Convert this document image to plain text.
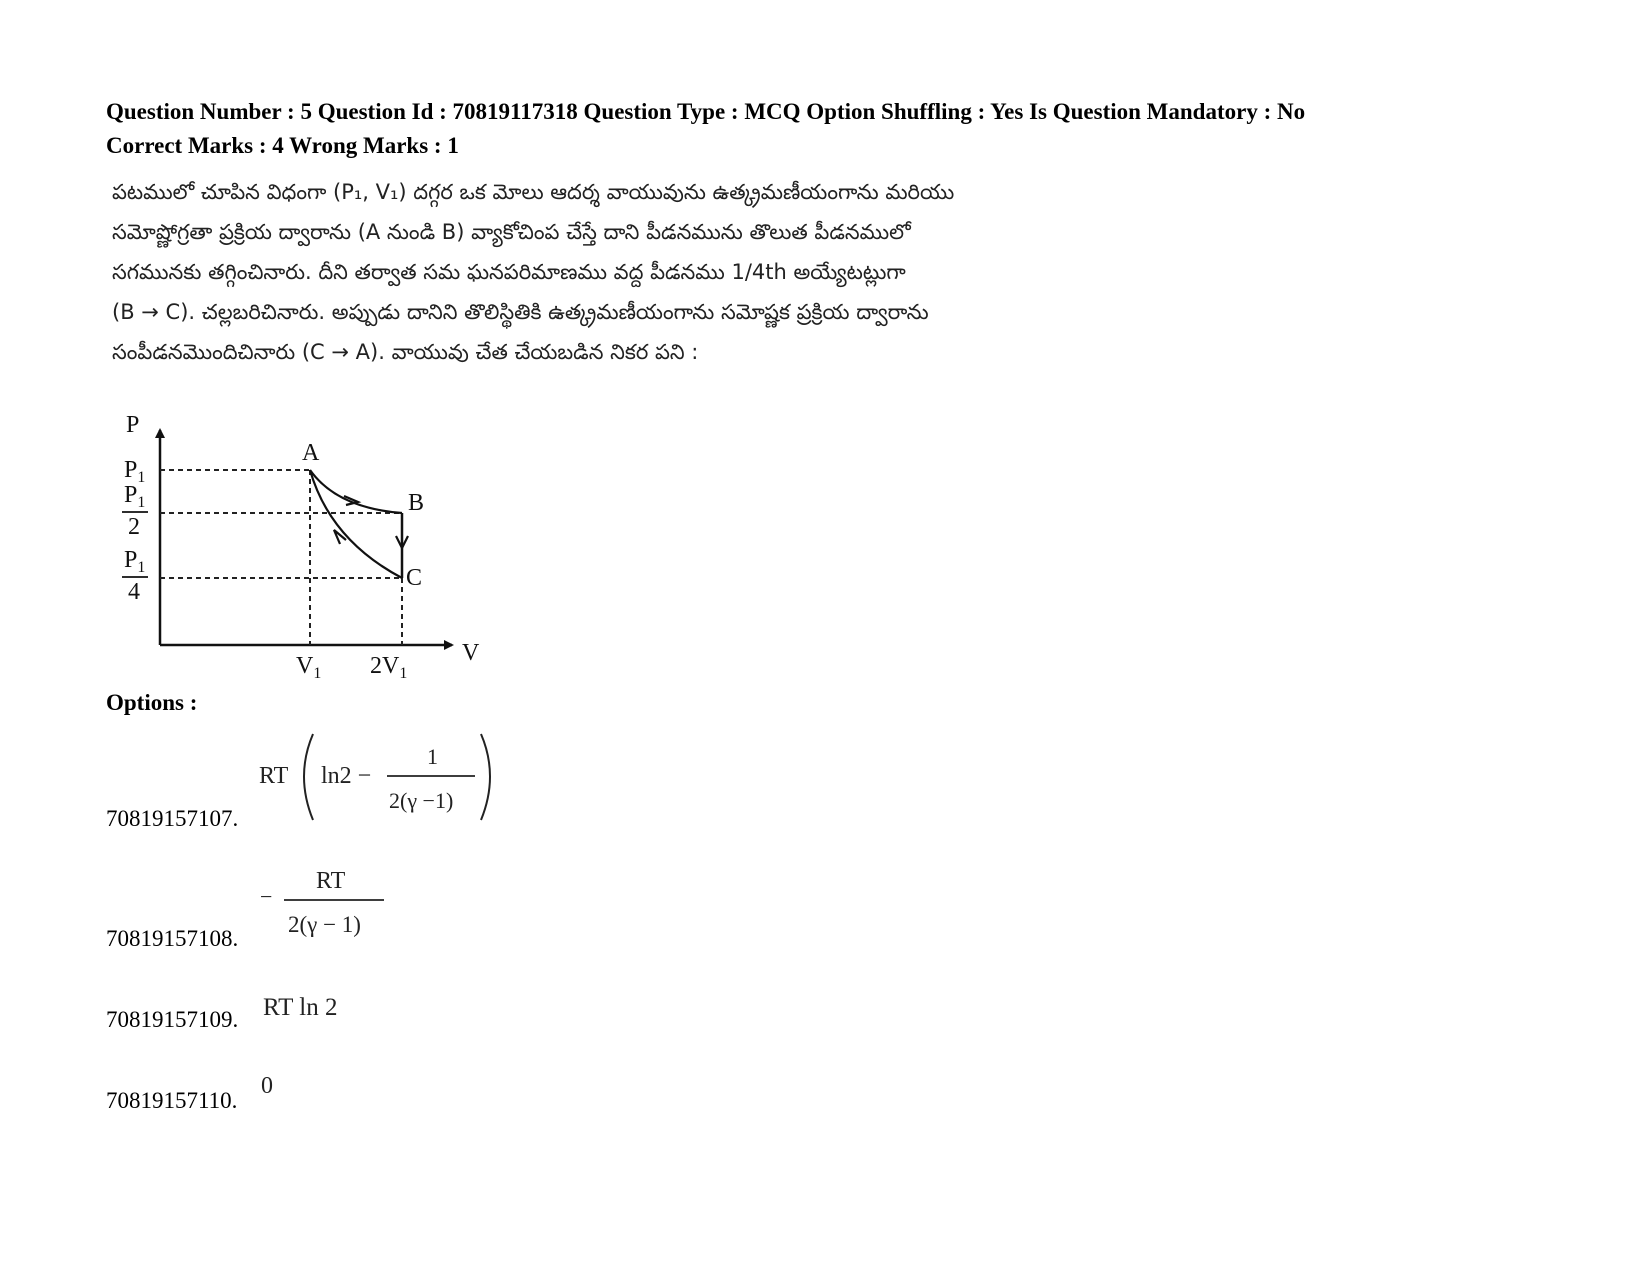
Question Number : 5 Question Id : 70819117318 Question Type : MCQ Option Shuffling : Yes Is Question Mandatory : No
Correct Marks : 4 Wrong Marks : 1
పటములో చూపిన విధంగా (P₁, V₁) దగ్గర ఒక మోలు ఆదర్శ వాయువును ఉత్క్రమణీయంగాను మరియు
సమోష్ణోగ్రతా ప్రక్రియ ద్వారాను (A నుండి B) వ్యాకోచింప చేస్తే దాని పీడనమును తొలుత పీడనములో
సగమునకు తగ్గించినారు. దీని తర్వాత సమ ఘనపరిమాణము వద్ద పీడనము 1/4th అయ్యేటట్లుగా
(B → C). చల్లబరిచినారు. అప్పుడు దానిని తొలిస్థితికి ఉత్క్రమణీయంగాను సమోష్ణక ప్రక్రియ ద్వారాను
సంపీడనమొందిచినారు (C → A). వాయువు చేత చేయబడిన నికర పని :
P
V
A
B
C
$P_1$
$P_1$
2
$P_1$
4
$V_1$ $2V_1$
Options :
70819157107.
RT ln2 −
1
2(γ −1)
70819157108.
−
RT
2(γ − 1)
70819157109. RT ln 2
70819157110.
0
